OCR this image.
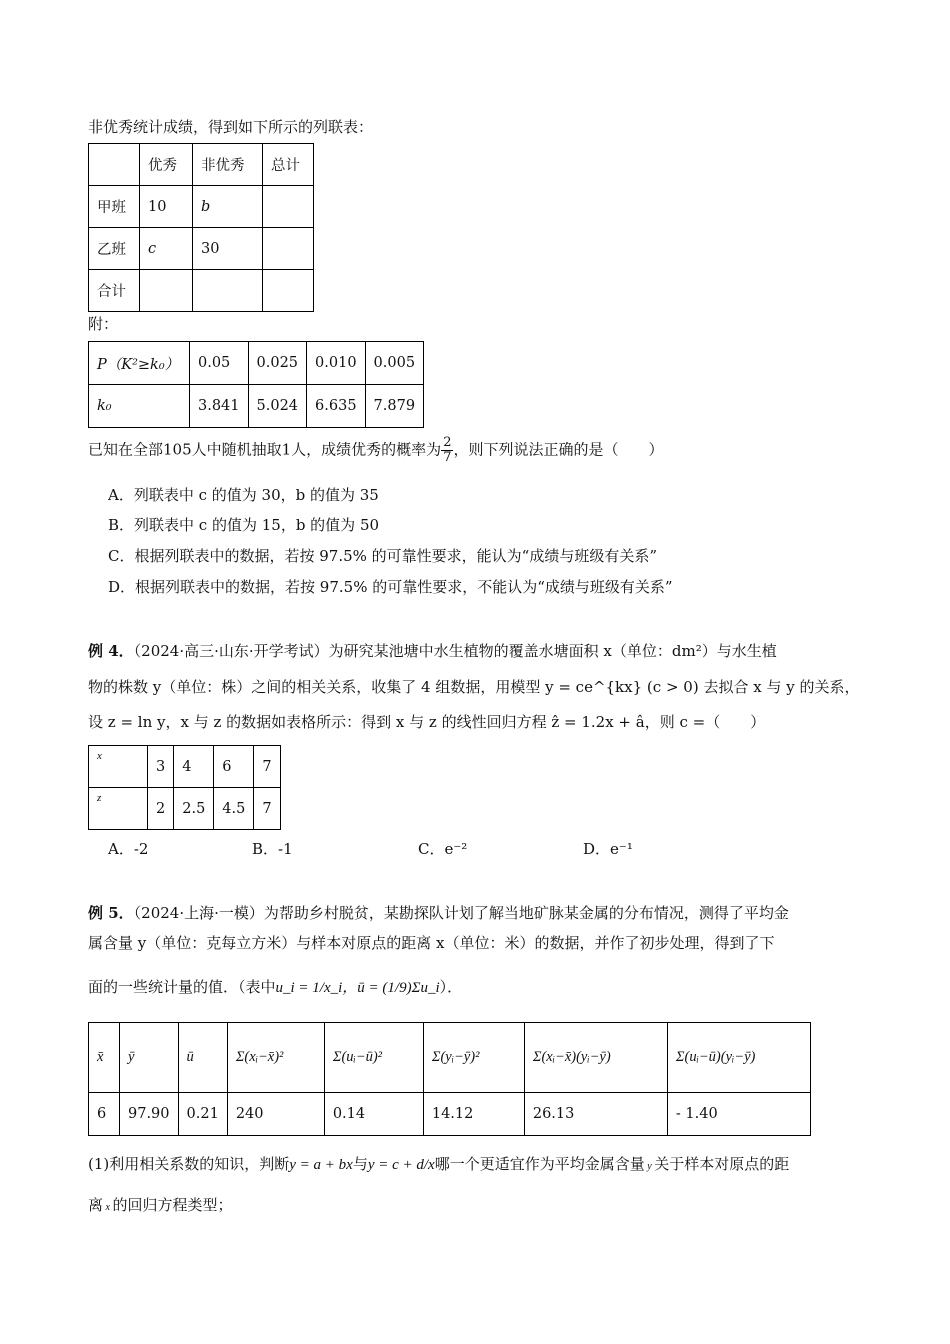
非优秀统计成绩，得到如下所示的列联表：
	优秀	非优秀	总计
甲班	10	b	
乙班	c	30	
合计			
附：
P（K²≥k₀）	0.05	0.025	0.010	0.005
k₀	3.841	5.024	6.635	7.879
已知在全部105人中随机抽取1人，成绩优秀的概率为 $\frac{2}{7}$ ，则下列说法正确的是（　　）
A．列联表中 c 的值为 30，b 的值为 35
B．列联表中 c 的值为 15，b 的值为 50
C．根据列联表中的数据，若按 97.5% 的可靠性要求，能认为“成绩与班级有关系”
D．根据列联表中的数据，若按 97.5% 的可靠性要求，不能认为“成绩与班级有关系”
例 4．（2024·高三·山东·开学考试）为研究某池塘中水生植物的覆盖水塘面积 x（单位：dm²）与水生植
物的株数 y（单位：株）之间的相关关系，收集了 4 组数据，用模型 y = ce^{kx} (c > 0) 去拟合 x 与 y 的关系，
设 z = ln y，x 与 z 的数据如表格所示：得到 x 与 z 的线性回归方程 ẑ = 1.2x + â，则 c =（　　）
x	3	4	6	7
z	2	2.5	4.5	7
A．-2	B．-1	C．e⁻²	D．e⁻¹
例 5．（2024·上海·一模）为帮助乡村脱贫，某勘探队计划了解当地矿脉某金属的分布情况，测得了平均金
属含量 y（单位：克每立方米）与样本对原点的距离 x（单位：米）的数据，并作了初步处理，得到了下
面的一些统计量的值．（表中u_i = 1/x_i，ū = (1/9)Σu_i）．
x̄	ȳ	ū	Σ(xᵢ−x̄)²	Σ(uᵢ−ū)²	Σ(yᵢ−ȳ)²	Σ(xᵢ−x̄)(yᵢ−ȳ)	Σ(uᵢ−ū)(yᵢ−ȳ)
6	97.90	0.21	240	0.14	14.12	26.13	- 1.40
(1)利用相关系数的知识，判断y = a + bx与y = c + d/x哪一个更适宜作为平均金属含量 y 关于样本对原点的距
离 x 的回归方程类型；
